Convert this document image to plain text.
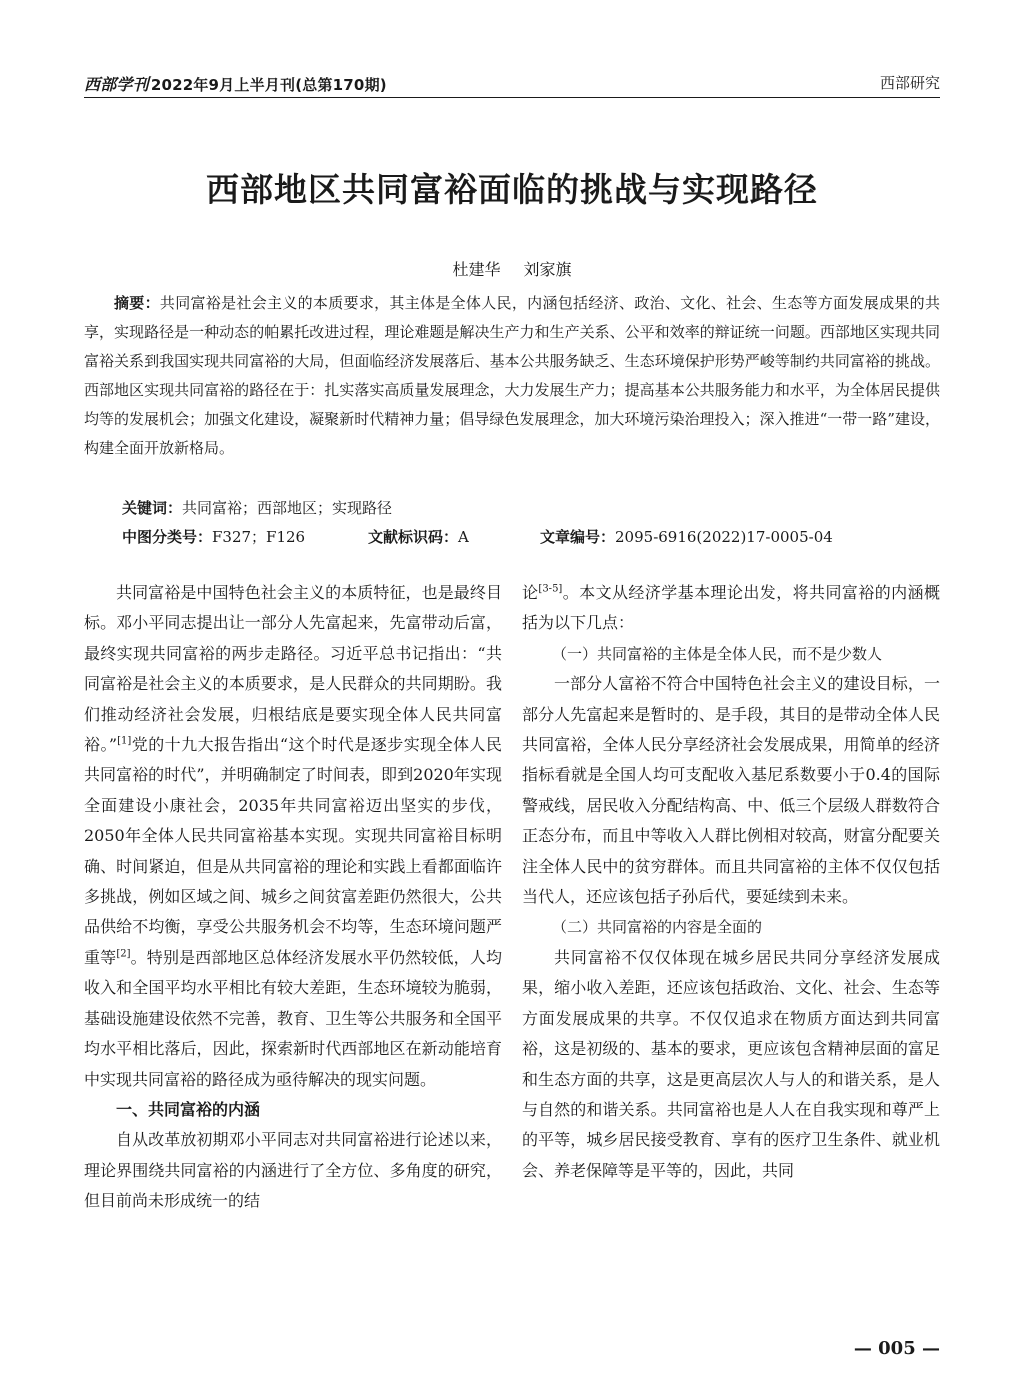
西部学刊 2022年9月上半月刊(总第170期)	西部研究
西部地区共同富裕面临的挑战与实现路径
杜建华 刘家旗

摘要：共同富裕是社会主义的本质要求，其主体是全体人民，内涵包括经济、政治、文化、社会、生态等方面发展成果的共享，实现路径是一种动态的帕累托改进过程，理论难题是解决生产力和生产关系、公平和效率的辩证统一问题。西部地区实现共同富裕关系到我国实现共同富裕的大局，但面临经济发展落后、基本公共服务缺乏、生态环境保护形势严峻等制约共同富裕的挑战。西部地区实现共同富裕的路径在于：扎实落实高质量发展理念，大力发展生产力；提高基本公共服务能力和水平，为全体居民提供均等的发展机会；加强文化建设，凝聚新时代精神力量；倡导绿色发展理念，加大环境污染治理投入；深入推进“一带一路”建设，构建全面开放新格局。

关键词：共同富裕；西部地区；实现路径
中图分类号：F327；F126	文献标识码：A	文章编号：2095-6916(2022)17-0005-04

共同富裕是中国特色社会主义的本质特征，也是最终目标。邓小平同志提出让一部分人先富起来，先富带动后富，最终实现共同富裕的两步走路径。习近平总书记指出：“共同富裕是社会主义的本质要求，是人民群众的共同期盼。我们推动经济社会发展，归根结底是要实现全体人民共同富裕。”[1]党的十九大报告指出“这个时代是逐步实现全体人民共同富裕的时代”，并明确制定了时间表，即到2020年实现全面建设小康社会，2035年共同富裕迈出坚实的步伐，2050年全体人民共同富裕基本实现。实现共同富裕目标明确、时间紧迫，但是从共同富裕的理论和实践上看都面临许多挑战，例如区域之间、城乡之间贫富差距仍然很大，公共品供给不均衡，享受公共服务机会不均等，生态环境问题严重等[2]。特别是西部地区总体经济发展水平仍然较低，人均收入和全国平均水平相比有较大差距，生态环境较为脆弱，基础设施建设依然不完善，教育、卫生等公共服务和全国平均水平相比落后，因此，探索新时代西部地区在新动能培育中实现共同富裕的路径成为亟待解决的现实问题。

一、共同富裕的内涵

自从改革放初期邓小平同志对共同富裕进行论述以来，理论界围绕共同富裕的内涵进行了全方位、多角度的研究，但目前尚未形成统一的结

论[3-5]。本文从经济学基本理论出发，将共同富裕的内涵概括为以下几点：

（一）共同富裕的主体是全体人民，而不是少数人

一部分人富裕不符合中国特色社会主义的建设目标，一部分人先富起来是暂时的、是手段，其目的是带动全体人民共同富裕，全体人民分享经济社会发展成果，用简单的经济指标看就是全国人均可支配收入基尼系数要小于0.4的国际警戒线，居民收入分配结构高、中、低三个层级人群数符合正态分布，而且中等收入人群比例相对较高，财富分配要关注全体人民中的贫穷群体。而且共同富裕的主体不仅仅包括当代人，还应该包括子孙后代，要延续到未来。

（二）共同富裕的内容是全面的

共同富裕不仅仅体现在城乡居民共同分享经济发展成果，缩小收入差距，还应该包括政治、文化、社会、生态等方面发展成果的共享。不仅仅追求在物质方面达到共同富裕，这是初级的、基本的要求，更应该包含精神层面的富足和生态方面的共享，这是更高层次人与人的和谐关系，是人与自然的和谐关系。共同富裕也是人人在自我实现和尊严上的平等，城乡居民接受教育、享有的医疗卫生条件、就业机会、养老保障等是平等的，因此，共同

— 005 —
